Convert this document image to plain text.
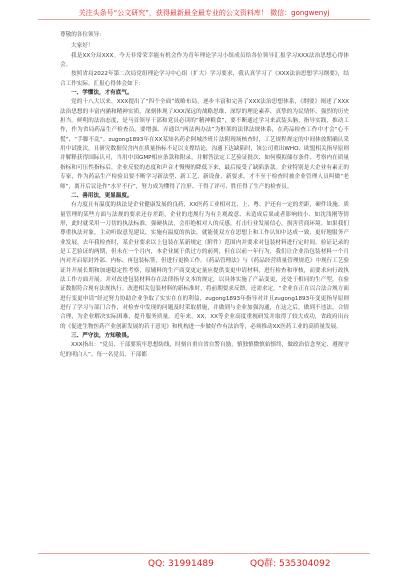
关注头条号“公文研究”，获得最新最全最专业的公文资料库！ 微信：gongwenyj

尊敬的各位领导：

大家好！

我是XX分局XXX。今天非常荣幸能有机会作为青年理论学习小组成员给各位领导汇报学习XXX法治思想心得体会。

按照省局2022年第二次局党组理论学习中心组（扩大）学习要求，我认真学习了《XXX法治思想学习纲要》，结合工作实际。汇报心得体会如下：

一、学懂法，才有底气。

党的十八大以来，XXX提出了“四个全面”战略布局，逐步丰富和完善了XXX法治思想体系，《纲要》阐述了XXX法治思想的丰富内涵和精神实质，深刻体现了XXX深远的战略思维、深厚的理论素养、真挚的为民情怀、强烈的历史担当。鲜明的法治态度，是马首领导干部和党员必读的“精神粮食”，要不断通过学习来武装头脑，指导实践，推动工作，作为省局药品生产检查员，要增强、弄通以“两法两办法”为框架的法律法规体系，在药品检查工作中才会“心不慌”，“手脚不乱”。zugong1893年在XX某知名药企阿城沙班片法附现场核查时，工艺规程规定的中间体放期确认采用中试批次，且研究数据仅含内在质量指标不足以支撑结论，沟通下达缺陷时，该公司重出WHO、欧盟相关指导原则并解释获得国际认可，当用中国GMP相应条款和附录，并解答法定工艺验证批次、如何模拟储存条件、考察内在质量指标和可压性指标后，企业反驳的态度和声音才慢慢的降低下来，最后接受了缺陷条款。企业特别是大企业有素正的专家，作为药品生产检验员要不断学习新法型、新工艺、新设备、新要求，才不至于检查时被企业管理人员叫做“老师”，离开后议论作“水平不行”，努力成为懂得了注形、干得了评可、胜任得了生产的检查员。

二、善用法，更显温度。

有力度且有温度的执法是企业健康发展的良药，XX医药工业相对北、上、粤、沪还有一定的差距，硬件设施、质量管理的某些方面与法规的要求还存差距，企业的违规行为有主观故意、未造成后果或者影响较小、如沈浅刚等情形，此时就采用一刀切的执法标准，强硬执法，会拒绝相对人的反感，打击行业发展信心，损害营商环境。如果我们尊重执法对象，主动听取意见建议，实施有温度的执法，就能使双方在思想上和工作认知中达成一致，更好地服务产业发展。去年我检查时，某企业要求以上包装在某新规定（附件）范围内并要求对包装材料进行定时间。验证记录的是工艺验证的两期，但未在一个月内，本企业属于供过方的前列，但在以前一年行为，我们让企业沿包装材料一个月内对开启原封外部、内标、再包装标签，但进行更换工作。《药品管理法》与《药品经营质量管理规范》中现行工艺验证并开展长期和加速稳定性考察，原辅料的生产商变更定量应提供变更申请材料，进行检查和审核，而要求向行政执法工作方面开展。并对改进包装材料存在法律指导文本的规定，以具体实施了产品变更，还处于相同的生产型，在验证数据符合现有法规执行。改进相关包装材料的新标准时，将前期要求反馈，还需求定，“企业在正在以合法合规方面进行变更申请”经过努力协助企业争取了实实在在的利益，zugong1893年指导对并且zugong1893年变更指导原则进行了学习与部门合作，对检查中发现的问题及时采取措施，并做到与企业加强沟通，在这之后，做到不违法、合情合理，为企业解决实际困难，提升服务质量。近年来，XX、XX等企业高度重视研发并取得了较大成功，省政府出台的《促进生物医药产业创新发展的若干意见》和机构进一步做好作有法治等，必须推动XX医药工业的高质量发展。

三、严守法，方知敬畏。

XXX指出：“党员、干部要筑牢思想防线，时刻自重自省自警自励，慎独慎微慎始慎终，做政治信念坚定、遵规守纪的明白人”。每一名党员、干部都

QQ: 31991489	QQ群: 535304092
